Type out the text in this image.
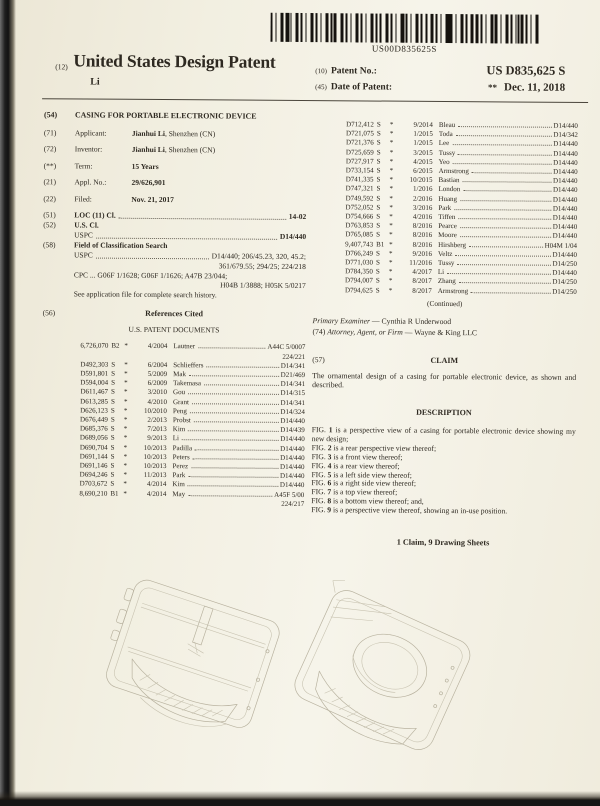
US00D835625S
(12) United States Design Patent
Li
(10) Patent No.:	US D835,625 S
(45) Date of Patent:	** Dec. 11, 2018
(54)	CASING FOR PORTABLE ELECTRONIC DEVICE
(71)	Applicant:	Jianhui Li, Shenzhen (CN)
(72)	Inventor:	Jianhui Li, Shenzhen (CN)
(**)	Term:	15 Years
(21)	Appl. No.:	29/626,901
(22)	Filed:	Nov. 21, 2017
(51)	LOC (11) Cl.	14-02
(52)	U.S. Cl.
USPC	D14/440
(58)	Field of Classification Search
USPC	D14/440; 206/45.23, 320, 45.2;
361/679.55; 294/25; 224/218
CPC ... G06F 1/1628; G06F 1/1626; A47B 23/044;
H04B 1/3888; H05K 5/0217
See application file for complete search history.
(56)	References Cited
U.S. PATENT DOCUMENTS
6,726,070 B2 *	4/2004 Lautner	A44C 5/0007
224/221
D492,303 S	*	6/2004 Schlieffers	D14/341
D591,801 S	*	5/2009 Mak	D21/469
D594,004 S	*	6/2009 Takemasa	D14/341
D611,467 S	*	3/2010 Gou	D14/315
D613,285 S	*	4/2010 Grant	D14/341
D626,123 S	*	10/2010 Peng	D14/324
D676,449 S	*	2/2013 Probst	D14/440
D685,376 S	*	7/2013 Kim	D14/439
D689,056 S	*	9/2013 Li	D14/440
D690,704 S	*	10/2013 Padilla	D14/440
D691,144 S	*	10/2013 Peters	D14/440
D691,146 S	*	10/2013 Perez	D14/440
D694,246 S	*	11/2013 Park	D14/440
D703,672 S	*	4/2014 Kim	D14/440
8,690,210 B1 *	4/2014 May	A45F 5/00
224/217
D712,412 S	*	9/2014 Bleau	D14/440
D721,075 S	*	1/2015 Toda	D14/342
D721,376 S	*	1/2015 Lee	D14/440
D725,659 S	*	3/2015 Tussy	D14/440
D727,917 S	*	4/2015 Yeo	D14/440
D733,154 S	*	6/2015 Armstrong	D14/440
D741,335 S	*	10/2015 Bastian	D14/440
D747,321 S	*	1/2016 London	D14/440
D749,592 S	*	2/2016 Huang	D14/440
D752,052 S	*	3/2016 Park	D14/440
D754,666 S	*	4/2016 Tiffen	D14/440
D763,853 S	*	8/2016 Pearce	D14/440
D765,085 S	*	8/2016 Moore	D14/440
9,407,743 B1 *	8/2016 Hirshberg	H04M 1/04
D766,249 S	*	9/2016 Veltz	D14/440
D771,030 S	*	11/2016 Tussy	D14/250
D784,350 S	*	4/2017 Li	D14/440
D794,007 S	*	8/2017 Zhang	D14/250
D794,625 S	*	8/2017 Armstrong	D14/250
(Continued)
Primary Examiner — Cynthia R Underwood
(74) Attorney, Agent, or Firm — Wayne & King LLC
(57)	CLAIM
The ornamental design of a casing for portable electronic device, as shown and described.
DESCRIPTION
FIG. 1 is a perspective view of a casing for portable electronic device showing my new design;
FIG. 2 is a rear perspective view thereof;
FIG. 3 is a front view thereof;
FIG. 4 is a rear view thereof;
FIG. 5 is a left side view thereof;
FIG. 6 is a right side view thereof;
FIG. 7 is a top view thereof;
FIG. 8 is a bottom view thereof; and,
FIG. 9 is a perspective view thereof, showing an in-use position.
1 Claim, 9 Drawing Sheets
